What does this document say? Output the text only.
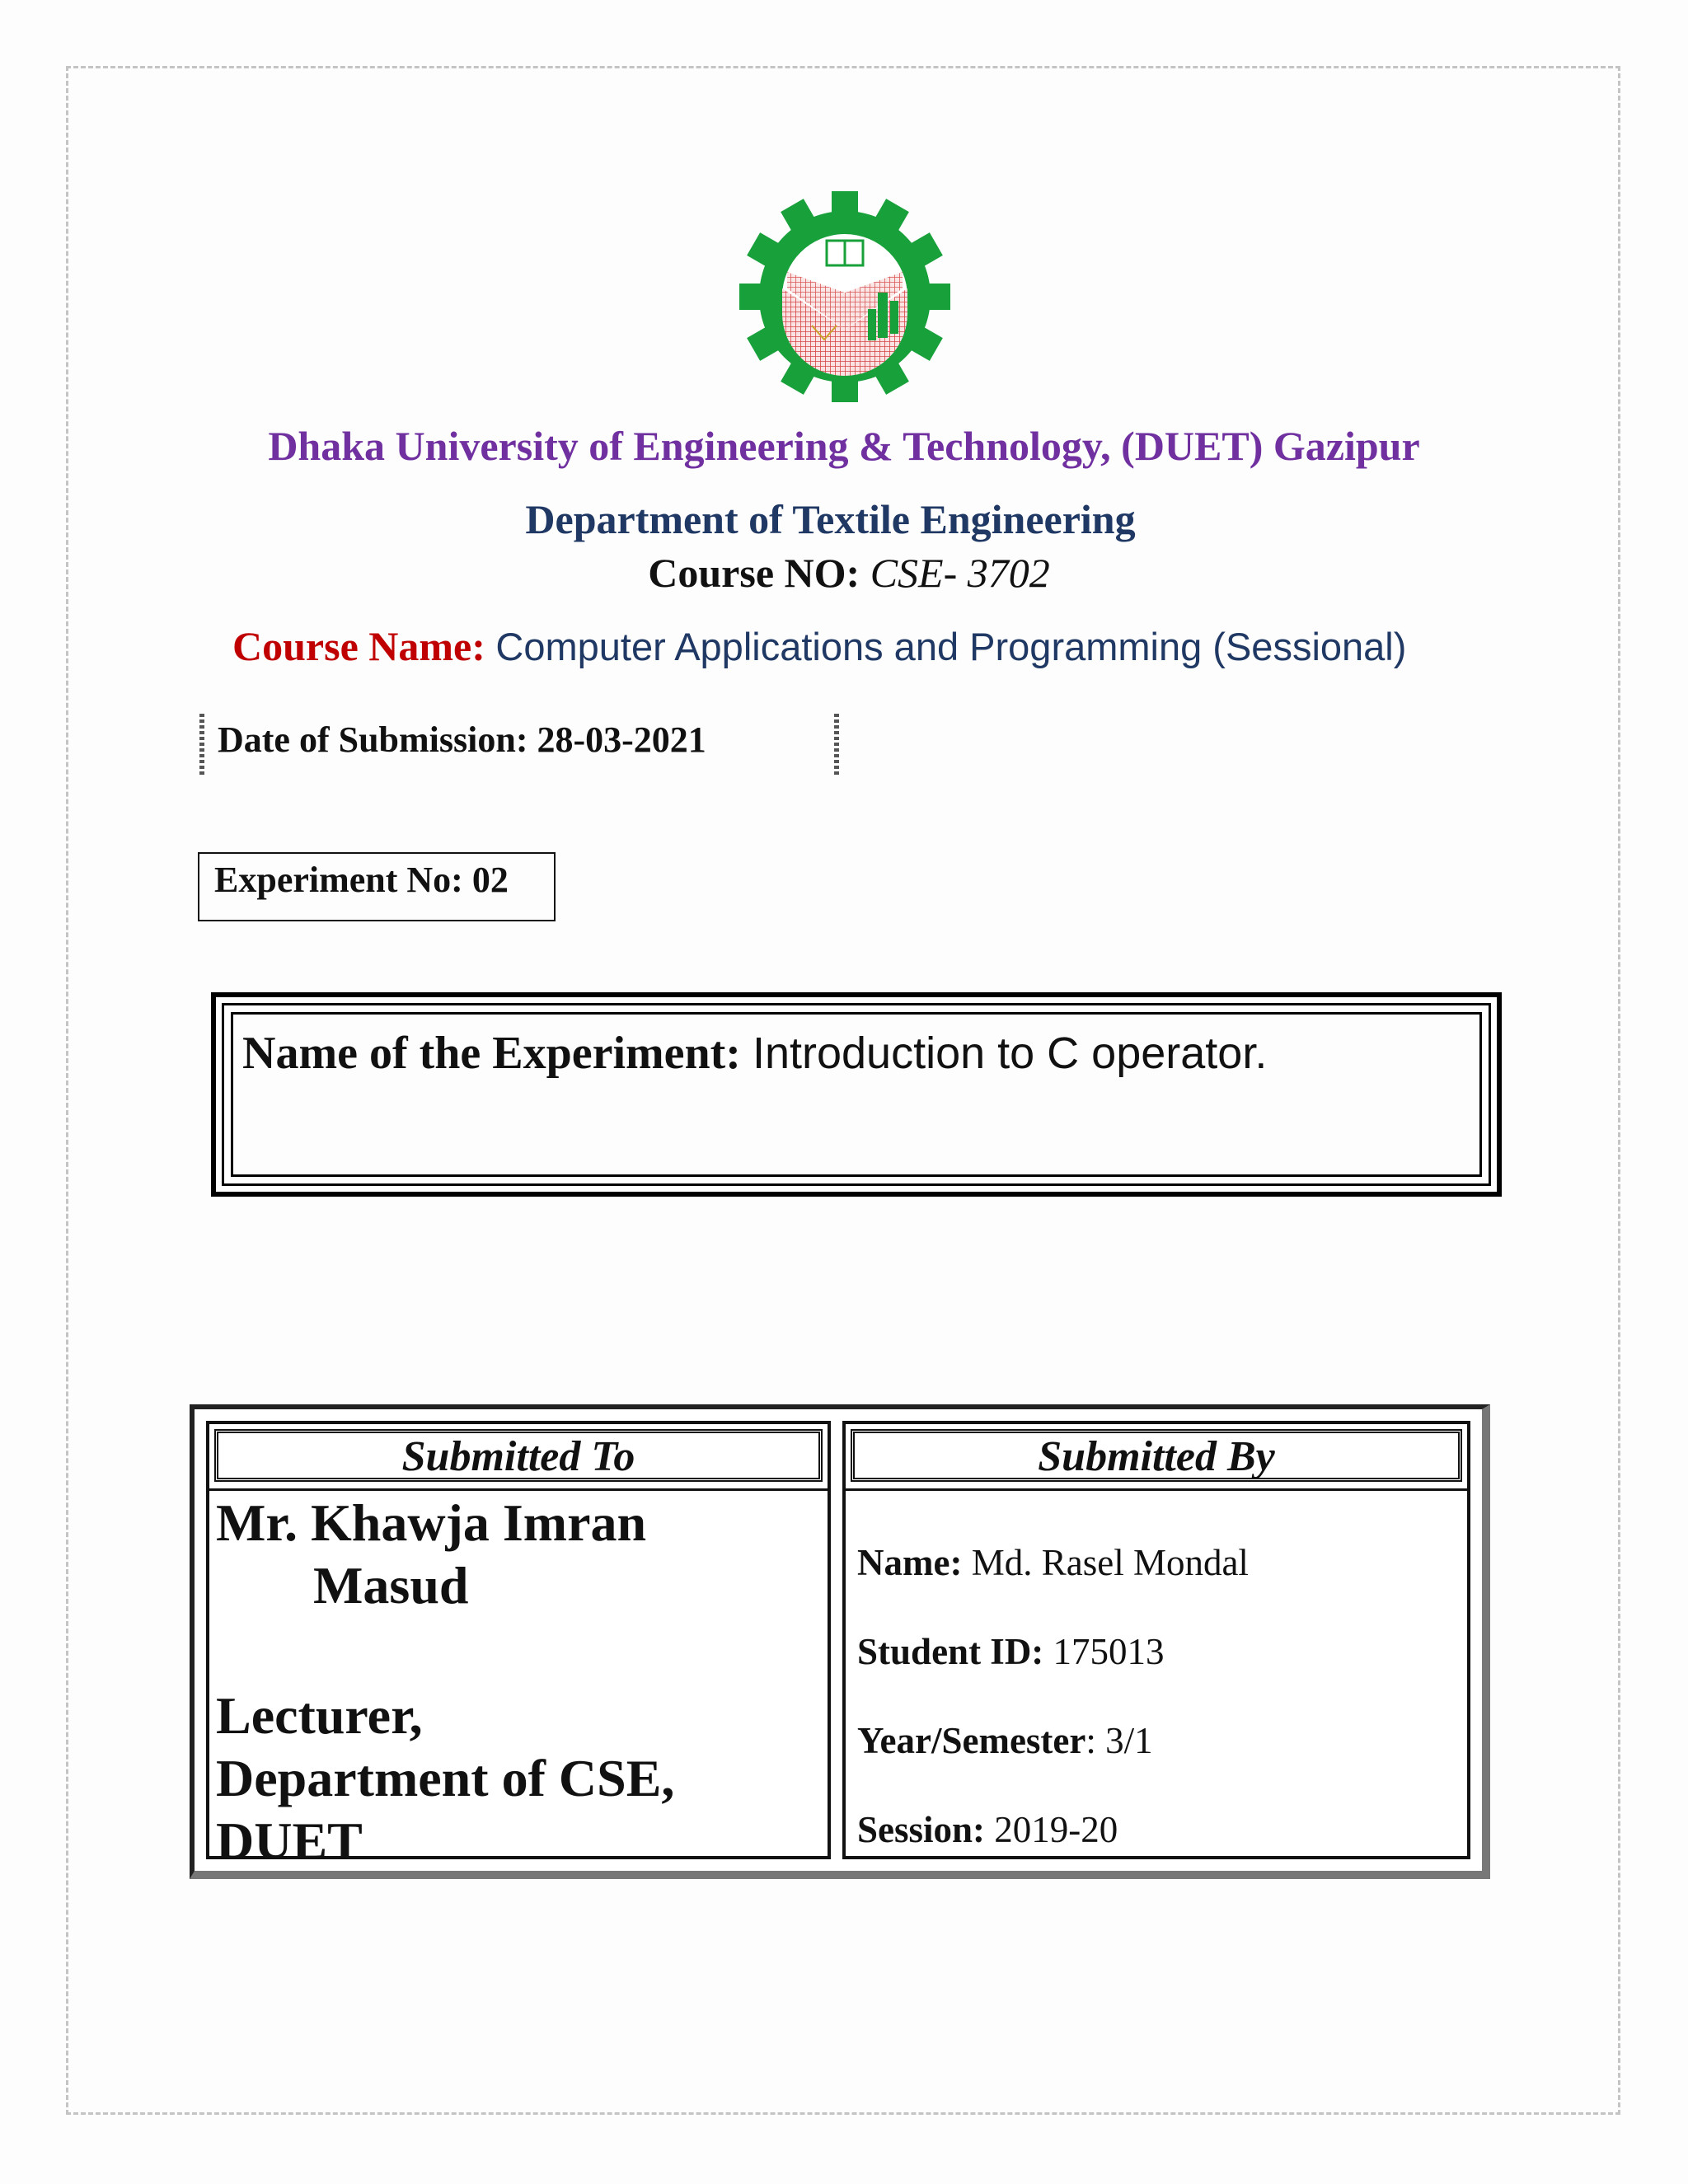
Dhaka University of Engineering & Technology, (DUET) Gazipur
Department of Textile Engineering
Course NO: CSE- 3702
Course Name: Computer Applications and Programming (Sessional)
Date of Submission: 28-03-2021
Experiment No: 02
Name of the Experiment: Introduction to C operator.
Submitted To
Mr. Khawja Imran
Masud
Lecturer,
Department of CSE,
DUET
Submitted By
Name: Md. Rasel Mondal
Student ID: 175013
Year/Semester: 3/1
Session: 2019-20
